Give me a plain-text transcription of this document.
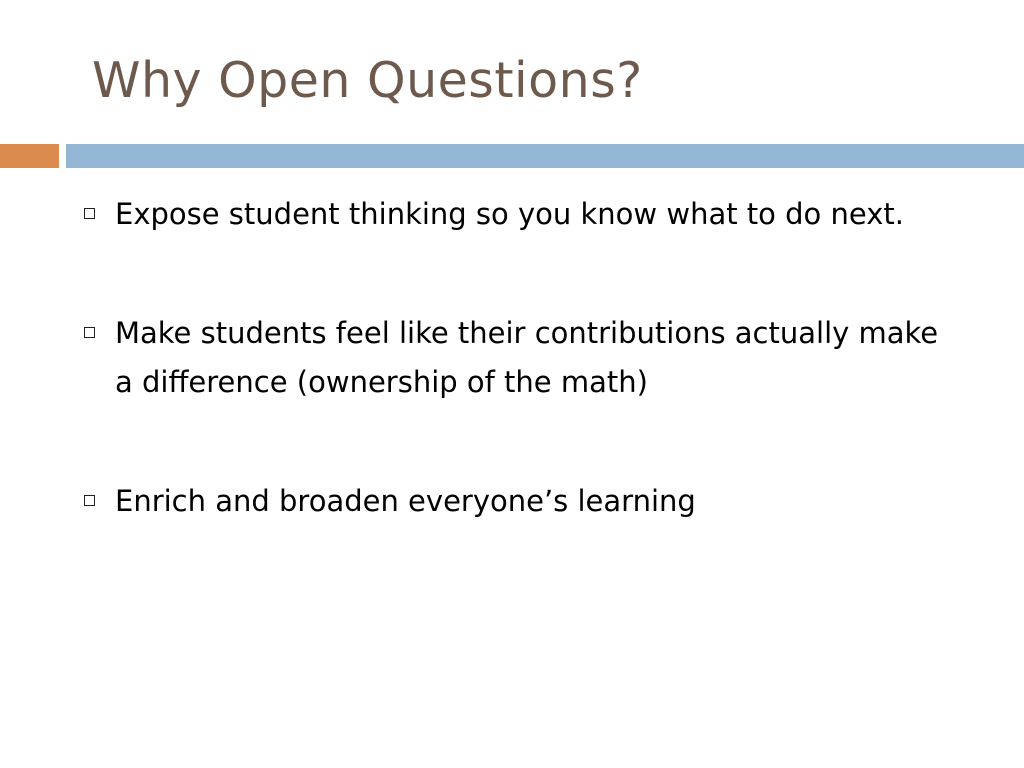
Why Open Questions?
Expose student thinking so you know what to do next.
Make students feel like their contributions actually make a difference (ownership of the math)
Enrich and broaden everyone’s learning
